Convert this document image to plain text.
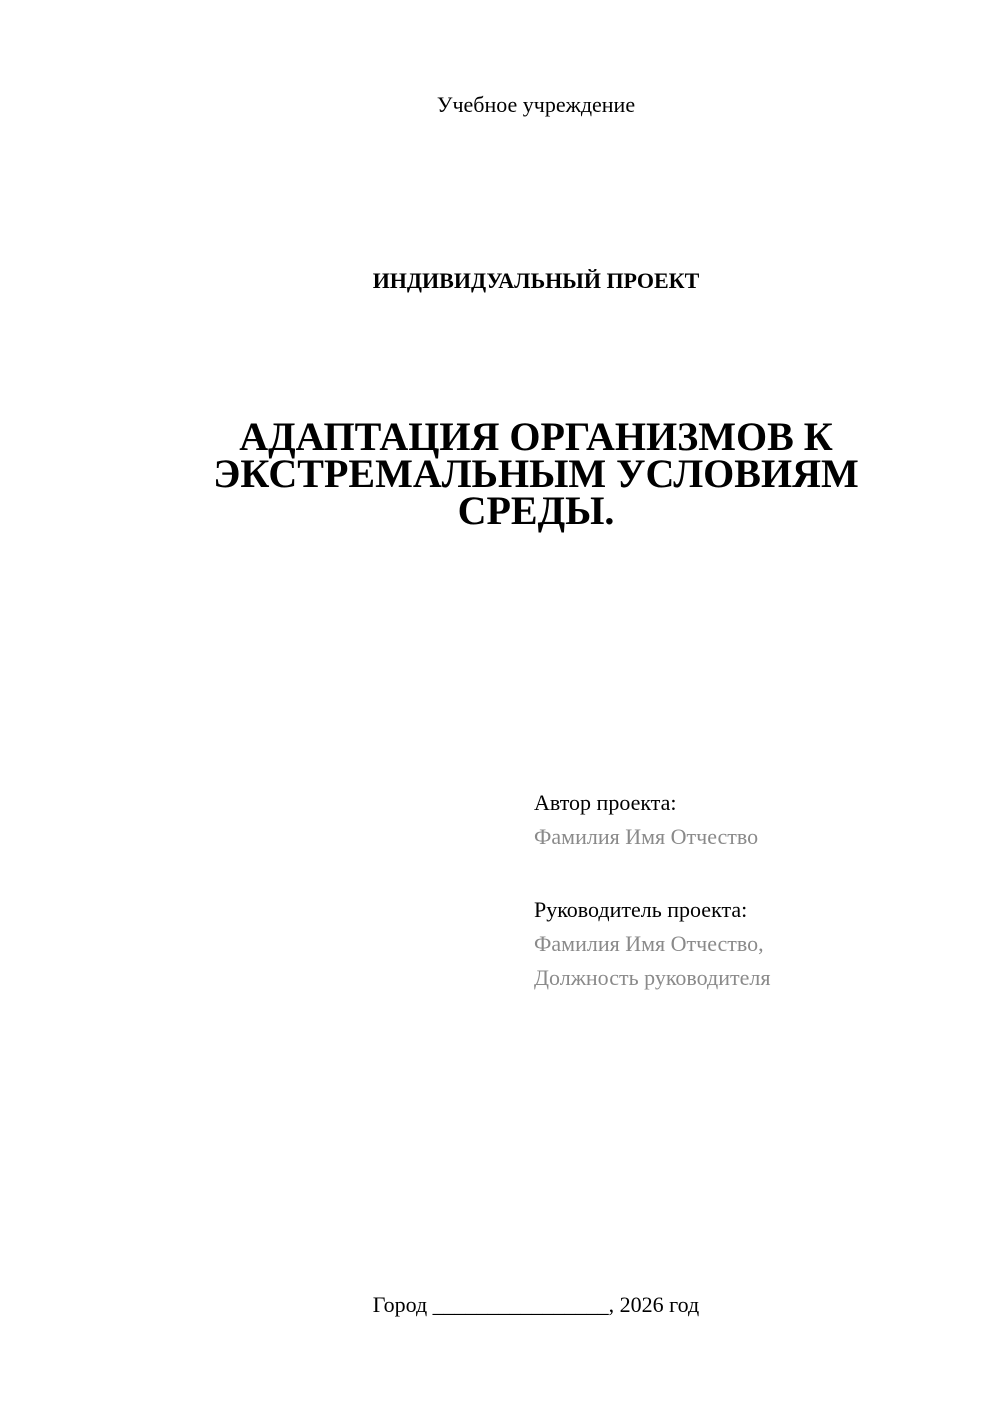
Учебное учреждение
ИНДИВИДУАЛЬНЫЙ ПРОЕКТ
АДАПТАЦИЯ ОРГАНИЗМОВ К
ЭКСТРЕМАЛЬНЫМ УСЛОВИЯМ
СРЕДЫ.
Автор проекта:
Фамилия Имя Отчество
Руководитель проекта:
Фамилия Имя Отчество,
Должность руководителя
Город ________________, 2026 год
